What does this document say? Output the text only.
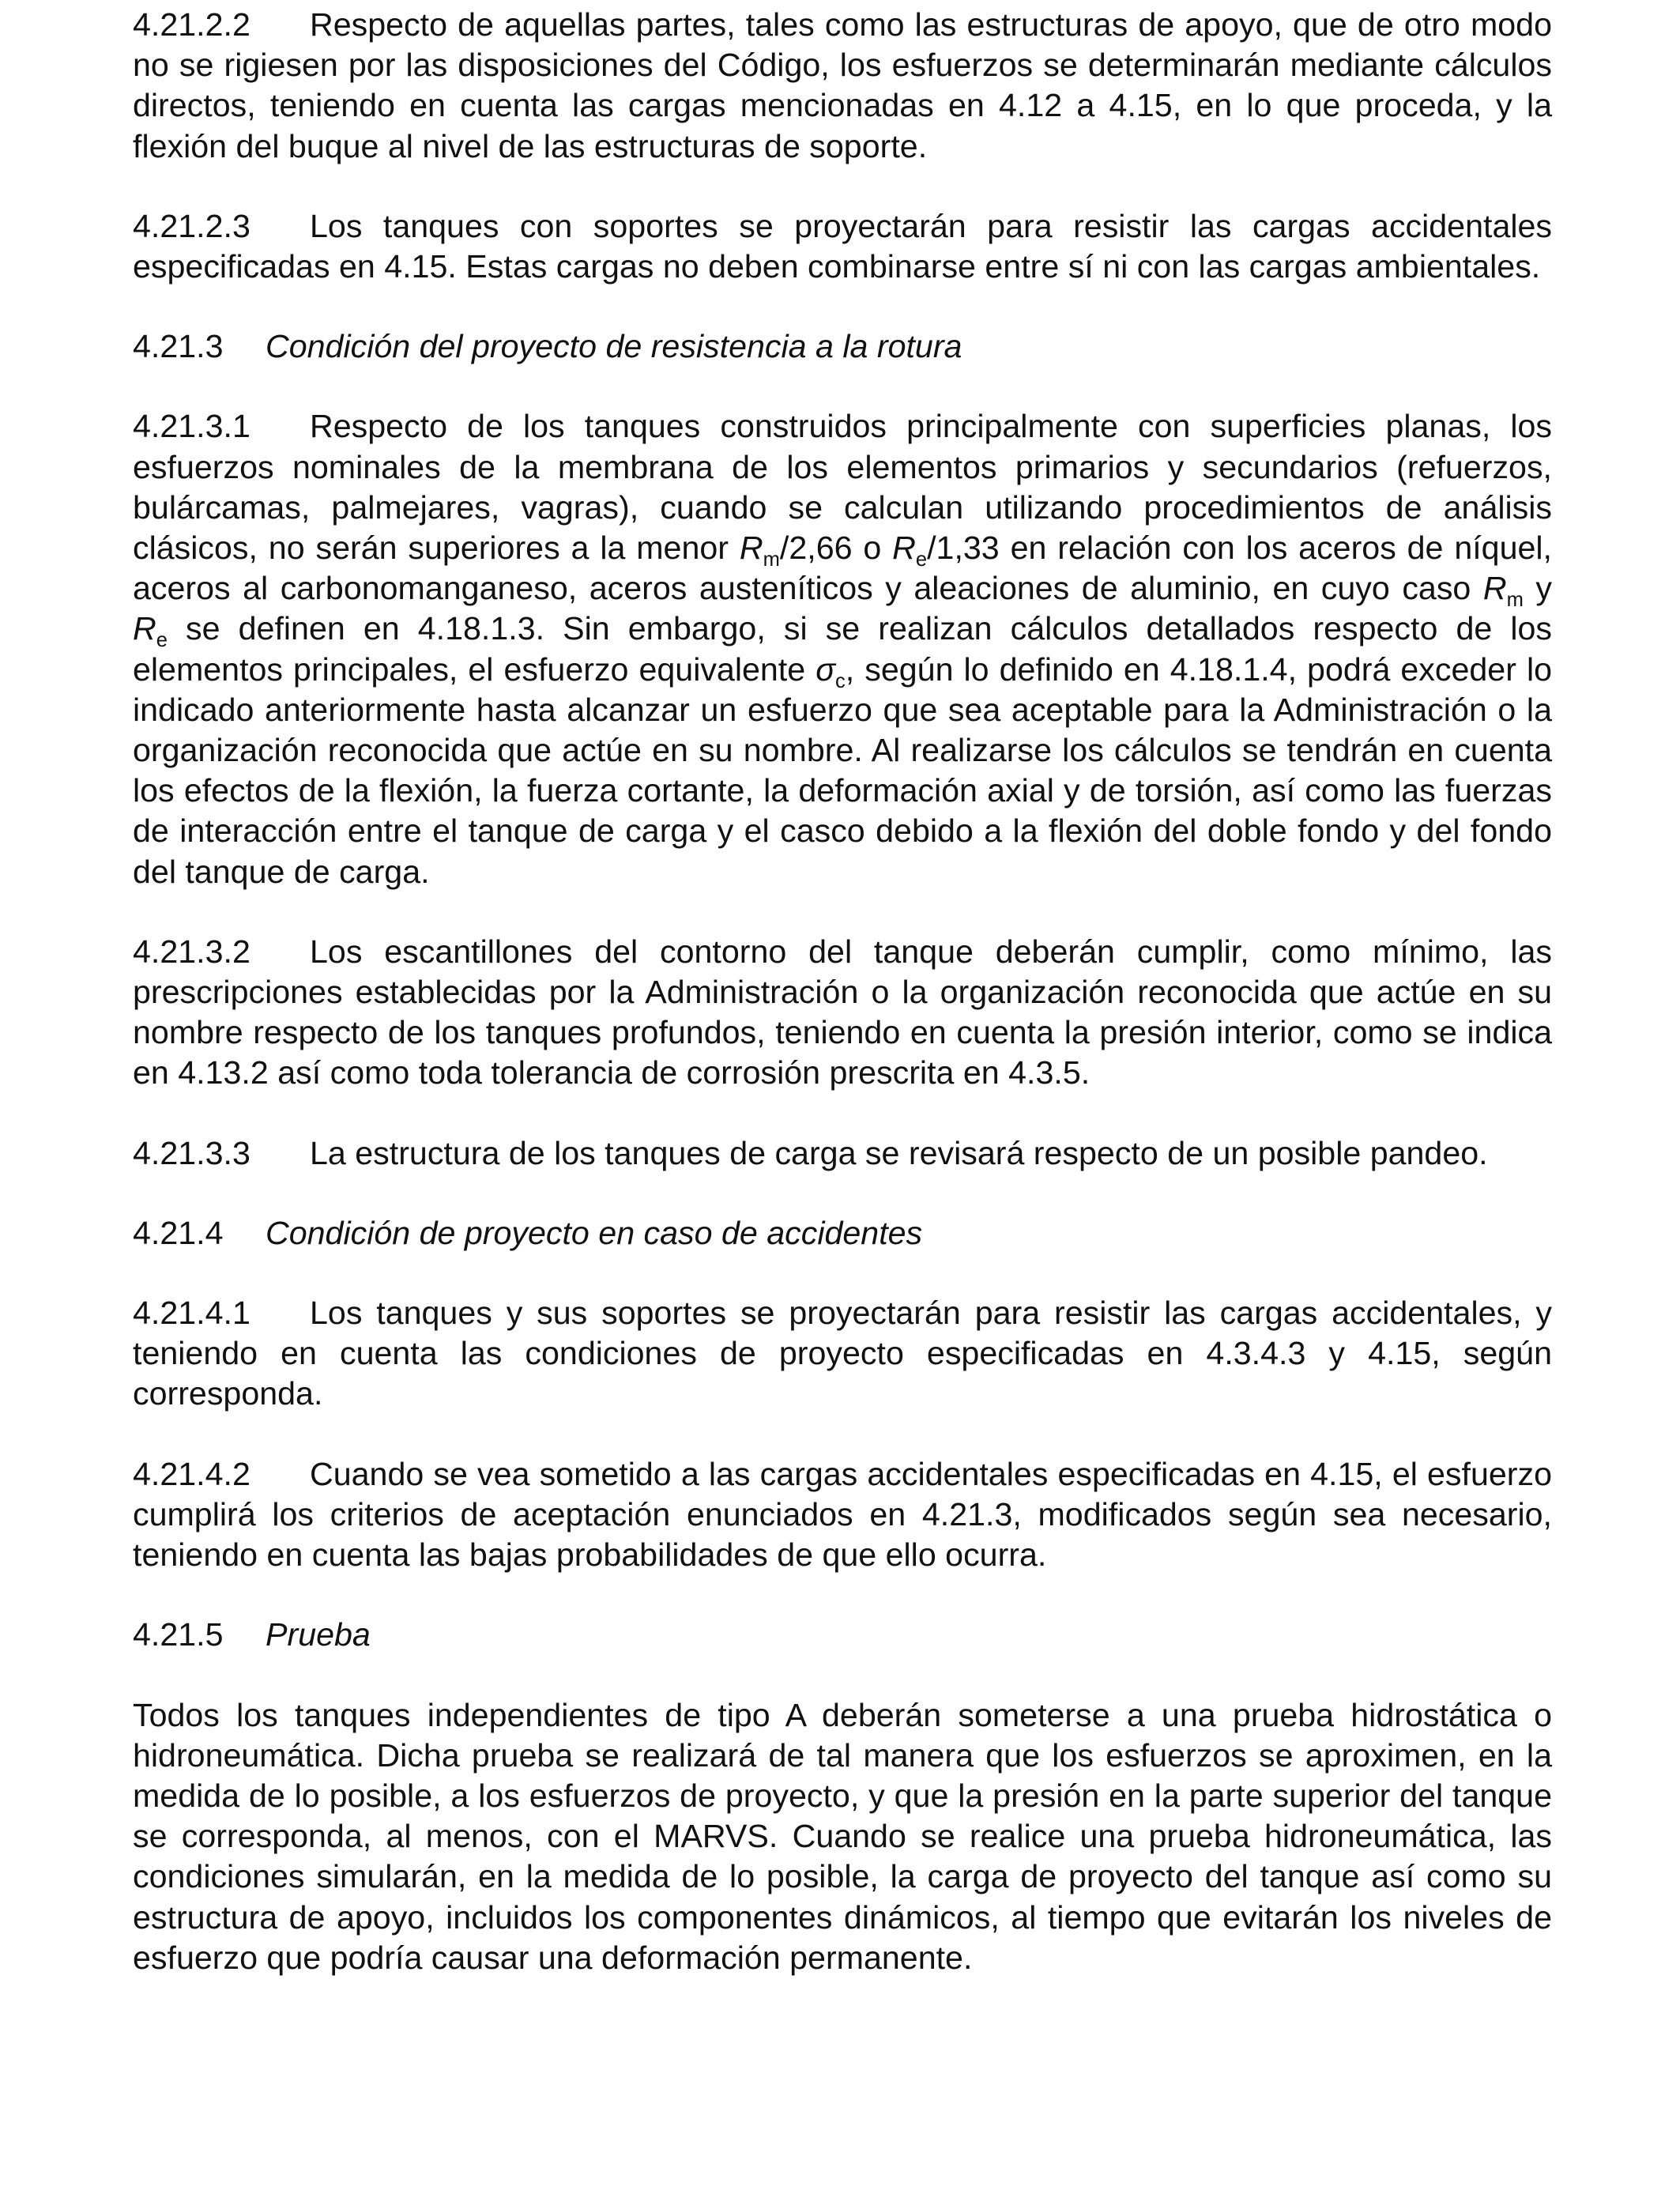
4.21.2.2 Respecto de aquellas partes, tales como las estructuras de apoyo, que de otro modo no se rigiesen por las disposiciones del Código, los esfuerzos se determinarán mediante cálculos directos, teniendo en cuenta las cargas mencionadas en 4.12 a 4.15, en lo que proceda, y la flexión del buque al nivel de las estructuras de soporte.

4.21.2.3 Los tanques con soportes se proyectarán para resistir las cargas accidentales especificadas en 4.15. Estas cargas no deben combinarse entre sí ni con las cargas ambientales.

4.21.3 Condición del proyecto de resistencia a la rotura

4.21.3.1 Respecto de los tanques construidos principalmente con superficies planas, los esfuerzos nominales de la membrana de los elementos primarios y secundarios (refuerzos, bulárcamas, palmejares, vagras), cuando se calculan utilizando procedimientos de análisis clásicos, no serán superiores a la menor $R_m/2,66$ o $R_e/1,33$ en relación con los aceros de níquel, aceros al carbonomanganeso, aceros austeníticos y aleaciones de aluminio, en cuyo caso $R_m$ y $R_e$ se definen en 4.18.1.3. Sin embargo, si se realizan cálculos detallados respecto de los elementos principales, el esfuerzo equivalente $\sigma_c$, según lo definido en 4.18.1.4, podrá exceder lo indicado anteriormente hasta alcanzar un esfuerzo que sea aceptable para la Administración o la organización reconocida que actúe en su nombre. Al realizarse los cálculos se tendrán en cuenta los efectos de la flexión, la fuerza cortante, la deformación axial y de torsión, así como las fuerzas de interacción entre el tanque de carga y el casco debido a la flexión del doble fondo y del fondo del tanque de carga.

4.21.3.2 Los escantillones del contorno del tanque deberán cumplir, como mínimo, las prescripciones establecidas por la Administración o la organización reconocida que actúe en su nombre respecto de los tanques profundos, teniendo en cuenta la presión interior, como se indica en 4.13.2 así como toda tolerancia de corrosión prescrita en 4.3.5.

4.21.3.3 La estructura de los tanques de carga se revisará respecto de un posible pandeo.

4.21.4 Condición de proyecto en caso de accidentes

4.21.4.1 Los tanques y sus soportes se proyectarán para resistir las cargas accidentales, y teniendo en cuenta las condiciones de proyecto especificadas en 4.3.4.3 y 4.15, según corresponda.

4.21.4.2 Cuando se vea sometido a las cargas accidentales especificadas en 4.15, el esfuerzo cumplirá los criterios de aceptación enunciados en 4.21.3, modificados según sea necesario, teniendo en cuenta las bajas probabilidades de que ello ocurra.

4.21.5 Prueba

Todos los tanques independientes de tipo A deberán someterse a una prueba hidrostática o hidroneumática. Dicha prueba se realizará de tal manera que los esfuerzos se aproximen, en la medida de lo posible, a los esfuerzos de proyecto, y que la presión en la parte superior del tanque se corresponda, al menos, con el MARVS. Cuando se realice una prueba hidroneumática, las condiciones simularán, en la medida de lo posible, la carga de proyecto del tanque así como su estructura de apoyo, incluidos los componentes dinámicos, al tiempo que evitarán los niveles de esfuerzo que podría causar una deformación permanente.
